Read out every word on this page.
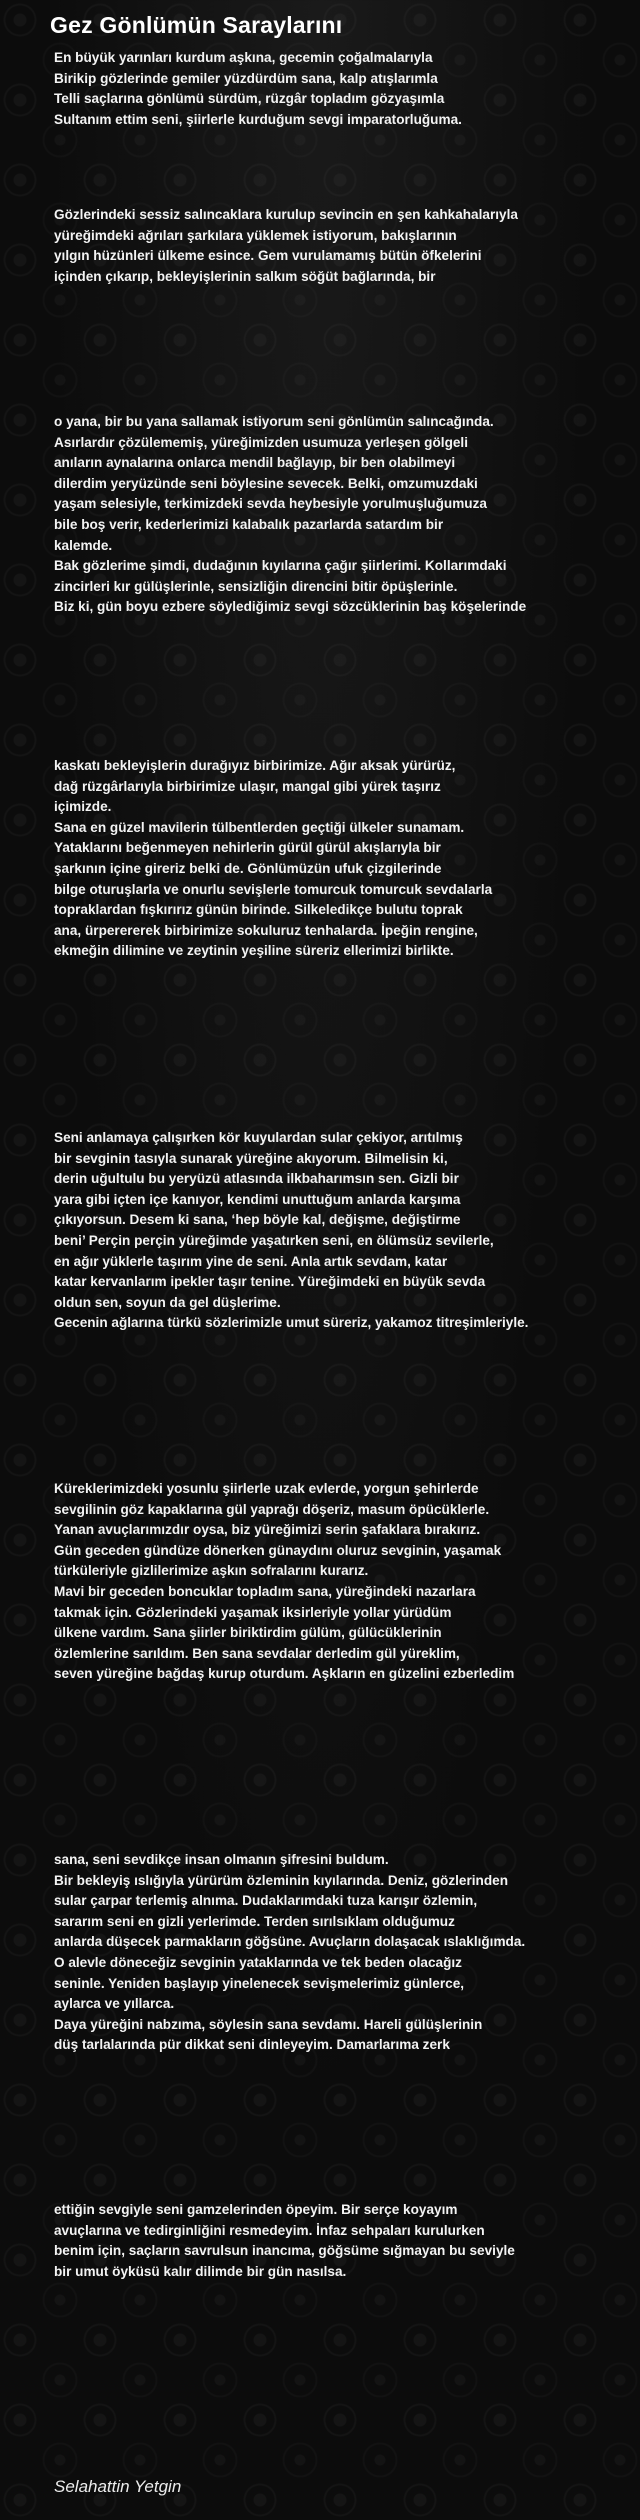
Gez Gönlümün Saraylarını
En büyük yarınları kurdum aşkına, gecemin çoğalmalarıyla
Birikip gözlerinde gemiler yüzdürdüm sana, kalp atışlarımla
Telli saçlarına gönlümü sürdüm, rüzgâr topladım gözyaşımla
Sultanım ettim seni, şiirlerle kurduğum sevgi imparatorluğuma.
Gözlerindeki sessiz salıncaklara kurulup sevincin en şen kahkahalarıyla
yüreğimdeki ağrıları şarkılara yüklemek istiyorum, bakışlarının
yılgın hüzünleri ülkeme esince. Gem vurulamamış bütün öfkelerini
içinden çıkarıp, bekleyişlerinin salkım söğüt bağlarında, bir
o yana, bir bu yana sallamak istiyorum seni gönlümün salıncağında.
Asırlardır çözülememiş, yüreğimizden usumuza yerleşen gölgeli
anıların aynalarına onlarca mendil bağlayıp, bir ben olabilmeyi
dilerdim yeryüzünde seni böylesine sevecek. Belki, omzumuzdaki
yaşam selesiyle, terkimizdeki sevda heybesiyle yorulmuşluğumuza
bile boş verir, kederlerimizi kalabalık pazarlarda satardım bir
kalemde.
Bak gözlerime şimdi, dudağının kıyılarına çağır şiirlerimi. Kollarımdaki
zincirleri kır gülüşlerinle, sensizliğin direncini bitir öpüşlerinle.
Biz ki, gün boyu ezbere söylediğimiz sevgi sözcüklerinin baş köşelerinde
kaskatı bekleyişlerin durağıyız birbirimize. Ağır aksak yürürüz,
dağ rüzgârlarıyla birbirimize ulaşır, mangal gibi yürek taşırız
içimizde.
Sana en güzel mavilerin tülbentlerden geçtiği ülkeler sunamam.
Yataklarını beğenmeyen nehirlerin gürül gürül akışlarıyla bir
şarkının içine gireriz belki de. Gönlümüzün ufuk çizgilerinde
bilge oturuşlarla ve onurlu sevişlerle tomurcuk tomurcuk sevdalarla
topraklardan fışkırırız günün birinde. Silkeledikçe bulutu toprak
ana, ürperererek birbirimize sokuluruz tenhalarda. İpeğin rengine,
ekmeğin dilimine ve zeytinin yeşiline süreriz ellerimizi birlikte.
Seni anlamaya çalışırken kör kuyulardan sular çekiyor, arıtılmış
bir sevginin tasıyla sunarak yüreğine akıyorum. Bilmelisin ki,
derin uğultulu bu yeryüzü atlasında ilkbaharımsın sen. Gizli bir
yara gibi içten içe kanıyor, kendimi unuttuğum anlarda karşıma
çıkıyorsun. Desem ki sana, ‘hep böyle kal, değişme, değiştirme
beni’ Perçin perçin yüreğimde yaşatırken seni, en ölümsüz sevilerle,
en ağır yüklerle taşırım yine de seni. Anla artık sevdam, katar
katar kervanlarım ipekler taşır tenine. Yüreğimdeki en büyük sevda
oldun sen, soyun da gel düşlerime.
Gecenin ağlarına türkü sözlerimizle umut süreriz, yakamoz titreşimleriyle.
Küreklerimizdeki yosunlu şiirlerle uzak evlerde, yorgun şehirlerde
sevgilinin göz kapaklarına gül yaprağı döşeriz, masum öpücüklerle.
Yanan avuçlarımızdır oysa, biz yüreğimizi serin şafaklara bırakırız.
Gün geceden gündüze dönerken günaydını oluruz sevginin, yaşamak
türküleriyle gizlilerimize aşkın sofralarını kurarız.
Mavi bir geceden boncuklar topladım sana, yüreğindeki nazarlara
takmak için. Gözlerindeki yaşamak iksirleriyle yollar yürüdüm
ülkene vardım. Sana şiirler biriktirdim gülüm, gülücüklerinin
özlemlerine sarıldım. Ben sana sevdalar derledim gül yüreklim,
seven yüreğine bağdaş kurup oturdum. Aşkların en güzelini ezberledim
sana, seni sevdikçe insan olmanın şifresini buldum.
Bir bekleyiş ıslığıyla yürürüm özleminin kıyılarında. Deniz, gözlerinden
sular çarpar terlemiş alnıma. Dudaklarımdaki tuza karışır özlemin,
sararım seni en gizli yerlerimde. Terden sırılsıklam olduğumuz
anlarda düşecek parmakların göğsüne. Avuçların dolaşacak ıslaklığımda.
O alevle döneceğiz sevginin yataklarında ve tek beden olacağız
seninle. Yeniden başlayıp yinelenecek sevişmelerimiz günlerce,
aylarca ve yıllarca.
Daya yüreğini nabzıma, söylesin sana sevdamı. Hareli gülüşlerinin
düş tarlalarında pür dikkat seni dinleyeyim. Damarlarıma zerk
ettiğin sevgiyle seni gamzelerinden öpeyim. Bir serçe koyayım
avuçlarına ve tedirginliğini resmedeyim. İnfaz sehpaları kurulurken
benim için, saçların savrulsun inancıma, göğsüme sığmayan bu seviyle
bir umut öyküsü kalır dilimde bir gün nasılsa.
Selahattin Yetgin
